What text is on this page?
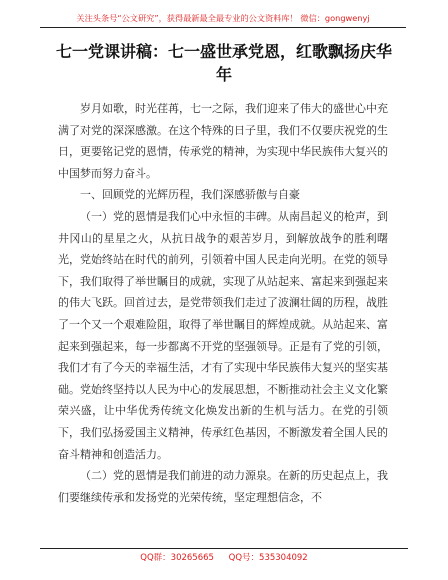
关注头条号“公文研究”，获得最新最全最专业的公文资料库！ 微信：gongwenyj
七一党课讲稿：七一盛世承党恩，红歌飘扬庆华年

岁月如歌，时光荏苒，七一之际，我们迎来了伟大的盛世心中充满了对党的深深感激。在这个特殊的日子里，我们不仅要庆祝党的生日，更要铭记党的恩情，传承党的精神，为实现中华民族伟大复兴的中国梦而努力奋斗。

一、回顾党的光辉历程，我们深感骄傲与自豪

（一）党的恩情是我们心中永恒的丰碑。从南昌起义的枪声，到井冈山的星星之火，从抗日战争的艰苦岁月，到解放战争的胜利曙光，党始终站在时代的前列，引领着中国人民走向光明。在党的领导下，我们取得了举世瞩目的成就，实现了从站起来、富起来到强起来的伟大飞跃。回首过去，是党带领我们走过了波澜壮阔的历程，战胜了一个又一个艰难险阻，取得了举世瞩目的辉煌成就。从站起来、富起来到强起来，每一步都离不开党的坚强领导。正是有了党的引领，我们才有了今天的幸福生活，才有了实现中华民族伟大复兴的坚实基础。党始终坚持以人民为中心的发展思想，不断推动社会主义文化繁荣兴盛，让中华优秀传统文化焕发出新的生机与活力。在党的引领下，我们弘扬爱国主义精神，传承红色基因，不断激发着全国人民的奋斗精神和创造活力。

（二）党的恩情是我们前进的动力源泉。在新的历史起点上，我们要继续传承和发扬党的光荣传统，坚定理想信念，不

QQ群：30265665 QQ号：535304092
